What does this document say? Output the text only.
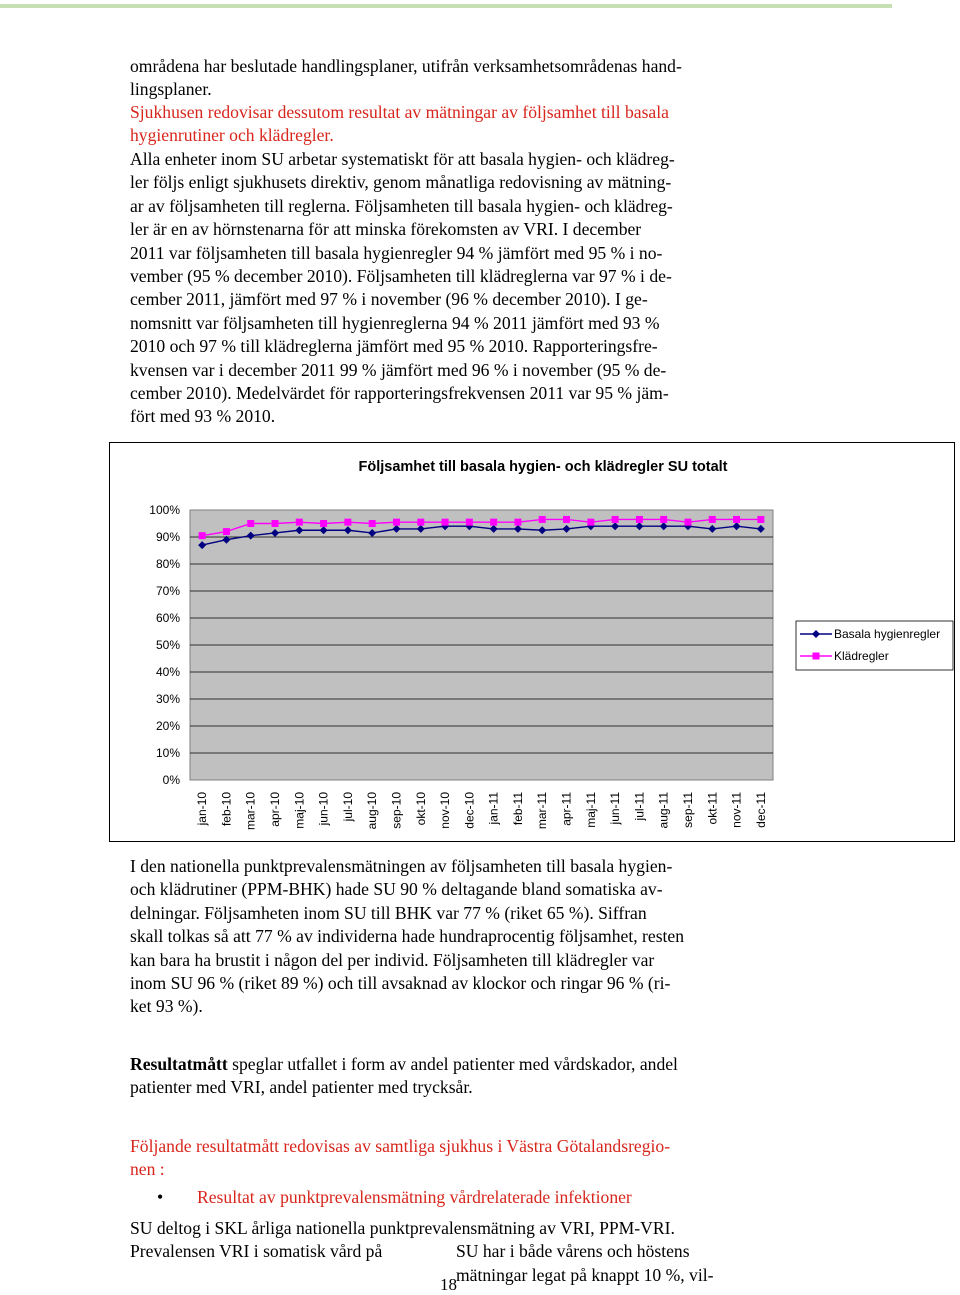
områdena har beslutade handlingsplaner, utifrån verksamhetsområdenas hand-
lingsplaner.

Sjukhusen redovisar dessutom resultat av mätningar av följsamhet till basala
hygienrutiner och klädregler.

Alla enheter inom SU arbetar systematiskt för att basala hygien- och klädreg-
ler följs enligt sjukhusets direktiv, genom månatliga redovisning av mätning-
ar av följsamheten till reglerna. Följsamheten till basala hygien- och klädreg-
ler är en av hörnstenarna för att minska förekomsten av VRI. I december
2011 var följsamheten till basala hygienregler 94 % jämfört med 95 % i no-
vember (95 % december 2010). Följsamheten till klädreglerna var 97 % i de-
cember 2011, jämfört med 97 % i november (96 % december 2010). I ge-
nomsnitt var följsamheten till hygienreglerna 94 % 2011 jämfört med 93 %
2010 och 97 % till klädreglerna jämfört med 95 % 2010. Rapporteringsfre-
kvensen var i december 2011 99 % jämfört med 96 % i november (95 % de-
cember 2010). Medelvärdet för rapporteringsfrekvensen 2011 var 95 % jäm-
fört med 93 % 2010.

Följsamhet till basala hygien- och klädregler SU totalt
0%
10%
20%
30%
40%
50%
60%
70%
80%
90%
100%
jan-10 feb-10 mar-10 apr-10 maj-10 jun-10 jul-10 aug-10 sep-10 okt-10 nov-10 dec-10 jan-11 feb-11 mar-11 apr-11 maj-11 jun-11 jul-11 aug-11 sep-11 okt-11 nov-11 dec-11
Basala hygienregler
Klädregler

I den nationella punktprevalensmätningen av följsamheten till basala hygien-
och klädrutiner (PPM-BHK) hade SU 90 % deltagande bland somatiska av-
delningar. Följsamheten inom SU till BHK var 77 % (riket 65 %). Siffran
skall tolkas så att 77 % av individerna hade hundraprocentig följsamhet, resten
kan bara ha brustit i någon del per individ. Följsamheten till klädregler var
inom SU 96 % (riket 89 %) och till avsaknad av klockor och ringar 96 % (ri-
ket 93 %).

Resultatmått speglar utfallet i form av andel patienter med vårdskador, andel
patienter med VRI, andel patienter med trycksår.

Följande resultatmått redovisas av samtliga sjukhus i Västra Götalandsregio-
nen :

• Resultat av punktprevalensmätning vårdrelaterade infektioner

SU deltog i SKL årliga nationella punktprevalensmätning av VRI, PPM-VRI.

Prevalensen VRI i somatisk vård på	SU har i både vårens och höstens
mätningar legat på knappt 10 %, vil-
18
